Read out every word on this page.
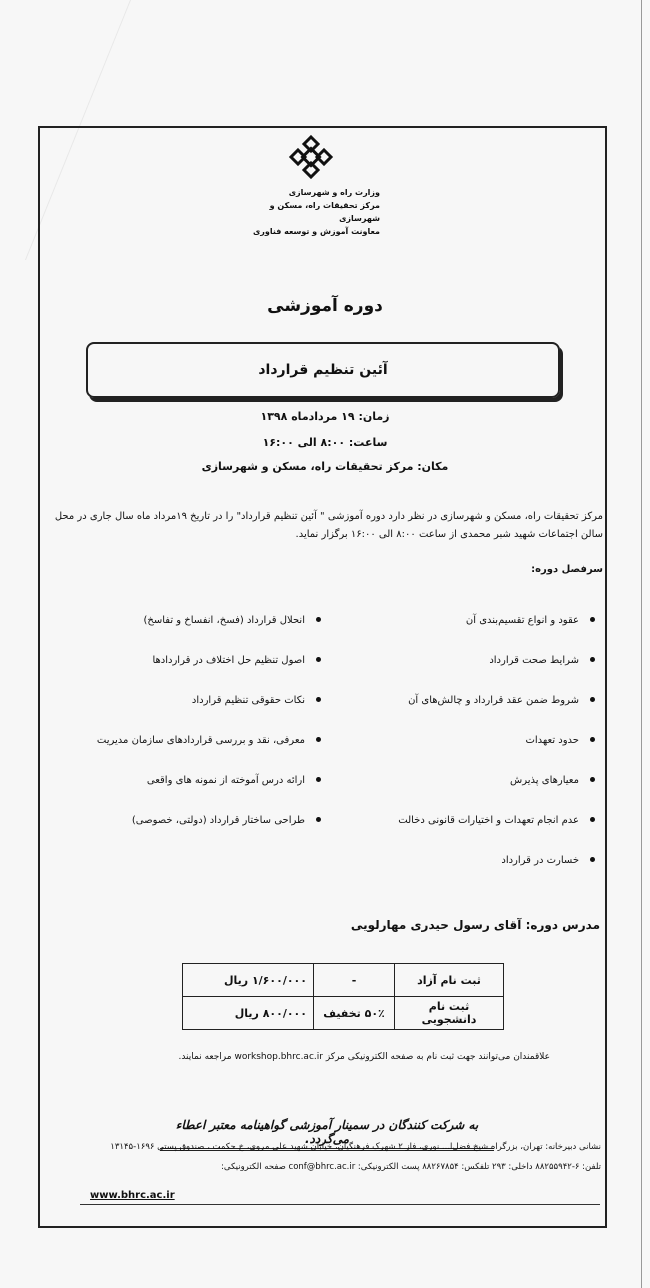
وزارت راه و شهرسازی
مرکز تحقیقات راه، مسکن و شهرسازی
معاونت آموزش و توسعه فناوری
دوره آموزشی
آئین تنظیم قرارداد
زمان: ۱۹ مردادماه ۱۳۹۸
ساعت: ۸:۰۰ الی ۱۶:۰۰
مکان: مرکز تحقیقات راه، مسکن و شهرسازی
مرکز تحقیقات راه، مسکن و شهرسازی در نظر دارد دوره آموزشی " آئین تنظیم قرارداد" را در تاریخ ۱۹مرداد ماه سال جاری در محل سالن اجتماعات شهید شبر محمدی از ساعت ۸:۰۰ الی ۱۶:۰۰ برگزار نماید.
سرفصل دوره:
عقود و انواع تقسیم‌بندی آن
شرایط صحت قرارداد
شروط ضمن عقد قرارداد و چالش‌های آن
حدود تعهدات
معیارهای پذیرش
عدم انجام تعهدات و اختیارات قانونی دخالت
خسارت در قرارداد
انحلال قرارداد (فسخ، انفساخ و تفاسخ)
اصول تنظیم حل اختلاف در قراردادها
نکات حقوقی تنظیم قرارداد
معرفی، نقد و بررسی قراردادهای سازمان مدیریت
ارائه درس آموخته از نمونه های واقعی
طراحی ساختار قرارداد (دولتی، خصوصی)
مدرس دوره: آقای رسول حیدری مهارلویی
ثبت نام آزاد	-	۱/۶۰۰/۰۰۰ ریال
ثبت نام دانشجویی	۵۰٪ تخفیف	۸۰۰/۰۰۰ ریال
علاقمندان می‌توانند جهت ثبت نام به صفحه الکترونیکی مرکز workshop.bhrc.ac.ir مراجعه نمایند.
به شرکت کنندگان در سمینار آموزشی گواهینامه معتبر اعطاء می‌گردد.
نشانی دبیرخانه: تهران، بزرگراه شیخ فضل‌ا... نوری، فاز ۲ شهرک فرهنگیان، خیابان شهید علی مروی، خ حکمت ، صندوق پستی ۱۶۹۶-۱۳۱۴۵
تلفن: ۶-۸۸۲۵۵۹۴۲ داخلی: ۲۹۳ تلفکس: ۸۸۲۶۷۸۵۴ پست الکترونیکی: conf@bhrc.ac.ir صفحه الکترونیکی:
www.bhrc.ac.ir
